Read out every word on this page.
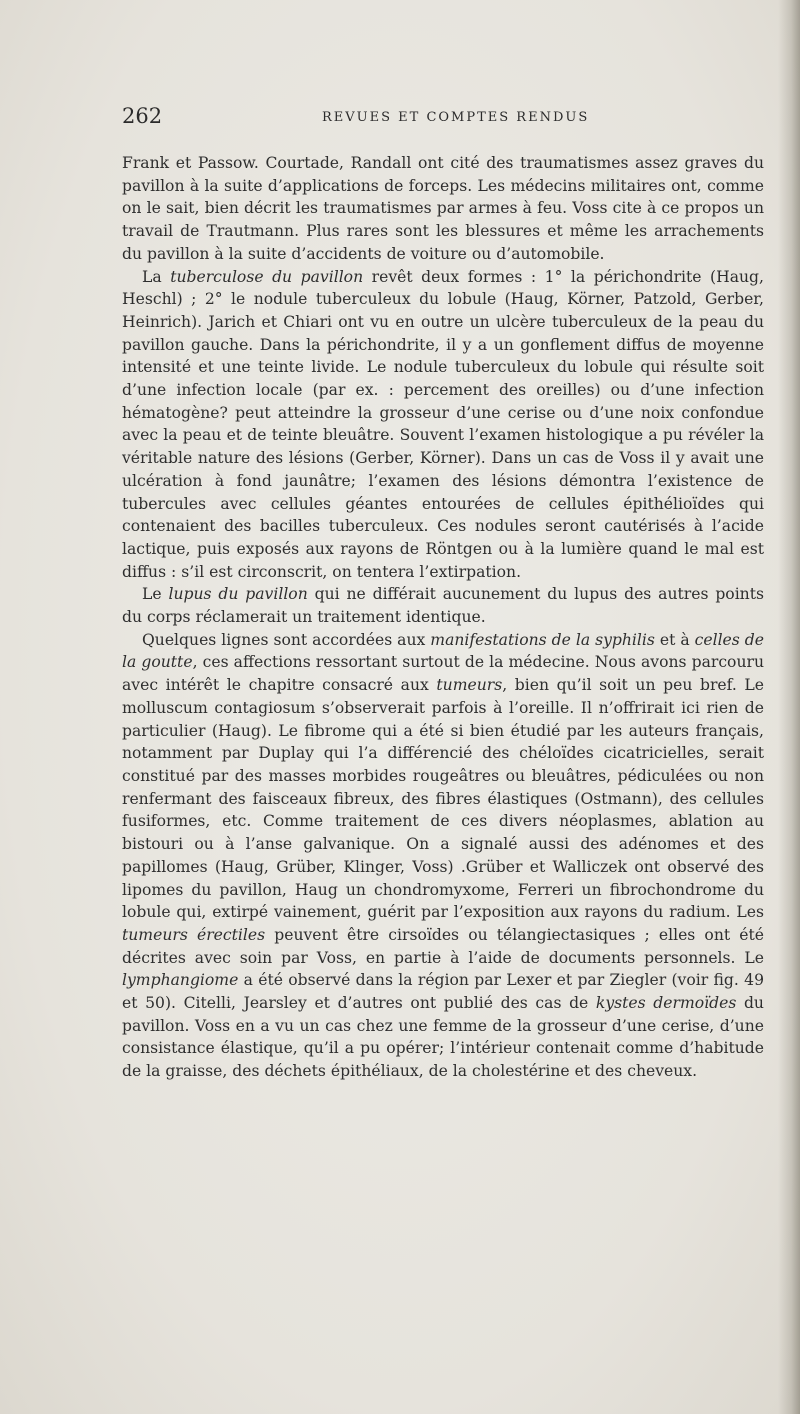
262	REVUES ET COMPTES RENDUS

Frank et Passow. Courtade, Randall ont cité des traumatismes assez graves du pavillon à la suite d’applications de forceps. Les médecins militaires ont, comme on le sait, bien décrit les traumatismes par armes à feu. Voss cite à ce propos un travail de Trautmann. Plus rares sont les blessures et même les arrachements du pavillon à la suite d’accidents de voiture ou d’automobile.

La tuberculose du pavillon revêt deux formes : 1° la périchondrite (Haug, Heschl) ; 2° le nodule tuberculeux du lobule (Haug, Körner, Patzold, Gerber, Heinrich). Jarich et Chiari ont vu en outre un ulcère tuberculeux de la peau du pavillon gauche. Dans la périchondrite, il y a un gonflement diffus de moyenne intensité et une teinte livide. Le nodule tuberculeux du lobule qui résulte soit d’une infection locale (par ex. : percement des oreilles) ou d’une infection hématogène? peut atteindre la grosseur d’une cerise ou d’une noix confondue avec la peau et de teinte bleuâtre. Souvent l’examen histologique a pu révéler la véritable nature des lésions (Gerber, Körner). Dans un cas de Voss il y avait une ulcération à fond jaunâtre; l’examen des lésions démontra l’existence de tubercules avec cellules géantes entourées de cellules épithélioïdes qui contenaient des bacilles tuberculeux. Ces nodules seront cautérisés à l’acide lactique, puis exposés aux rayons de Röntgen ou à la lumière quand le mal est diffus : s’il est circonscrit, on tentera l’extirpation.

Le lupus du pavillon qui ne différait aucunement du lupus des autres points du corps réclamerait un traitement identique.

Quelques lignes sont accordées aux manifestations de la syphilis et à celles de la goutte, ces affections ressortant surtout de la médecine. Nous avons parcouru avec intérêt le chapitre consacré aux tumeurs, bien qu’il soit un peu bref. Le molluscum contagiosum s’observerait parfois à l’oreille. Il n’offrirait ici rien de particulier (Haug). Le fibrome qui a été si bien étudié par les auteurs français, notamment par Duplay qui l’a différencié des chéloïdes cicatricielles, serait constitué par des masses morbides rougeâtres ou bleuâtres, pédiculées ou non renfermant des faisceaux fibreux, des fibres élastiques (Ostmann), des cellules fusiformes, etc. Comme traitement de ces divers néoplasmes, ablation au bistouri ou à l’anse galvanique. On a signalé aussi des adénomes et des papillomes (Haug, Grüber, Klinger, Voss) .Grüber et Walliczek ont observé des lipomes du pavillon, Haug un chondromyxome, Ferreri un fibrochondrome du lobule qui, extirpé vainement, guérit par l’exposition aux rayons du radium. Les tumeurs érectiles peuvent être cirsoïdes ou télangiectasiques ; elles ont été décrites avec soin par Voss, en partie à l’aide de documents personnels. Le lymphangiome a été observé dans la région par Lexer et par Ziegler (voir fig. 49 et 50). Citelli, Jearsley et d’autres ont publié des cas de kystes dermoïdes du pavillon. Voss en a vu un cas chez une femme de la grosseur d’une cerise, d’une consistance élastique, qu’il a pu opérer; l’intérieur contenait comme d’habitude de la graisse, des déchets épithéliaux, de la cholestérine et des cheveux.
